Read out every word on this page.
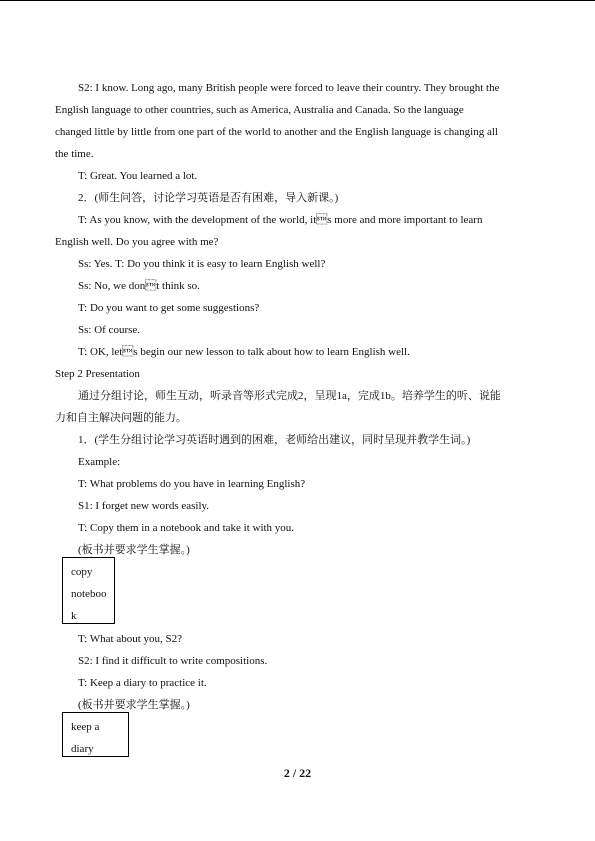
S2: I know. Long ago, many British people were forced to leave their country. They brought the
English language to other countries, such as America, Australia and Canada. So the language
changed little by little from one part of the world to another and the English language is changing all
the time.
T: Great. You learned a lot.
2．(师生问答，讨论学习英语是否有困难，导入新课。)
T: As you know, with the development of the world, its more and more important to learn
English well. Do you agree with me?
Ss: Yes. T: Do you think it is easy to learn English well?
Ss: No, we dont think so.
T: Do you want to get some suggestions?
Ss: Of course.
T: OK, lets begin our new lesson to talk about how to learn English well.
Step 2 Presentation
通过分组讨论，师生互动，听录音等形式完成2，呈现1a，完成1b。培养学生的听、说能
力和自主解决问题的能力。
1．(学生分组讨论学习英语时遇到的困难，老师给出建议，同时呈现并教学生词。)
Example:
T: What problems do you have in learning English?
S1: I forget new words easily.
T: Copy them in a notebook and take it with you.
(板书并要求学生掌握。)
copy
noteboo
k
T: What about you, S2?
S2: I find it difficult to write compositions.
T: Keep a diary to practice it.
(板书并要求学生掌握。)
keep a
diary
2 / 22
